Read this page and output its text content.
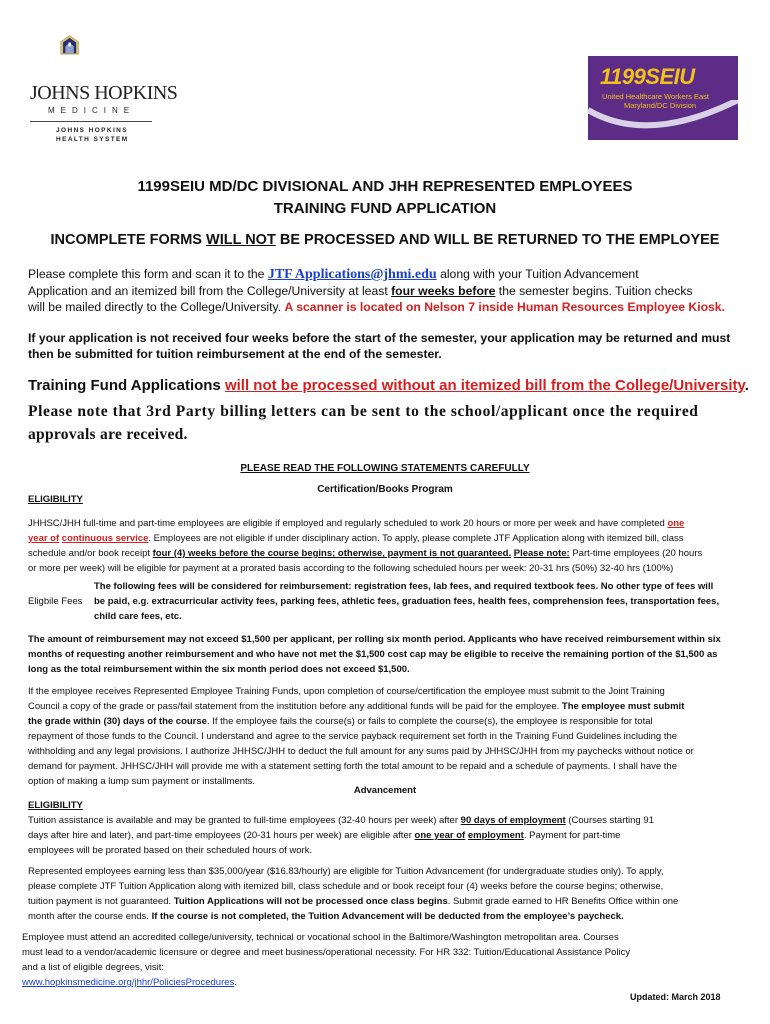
JOHNS HOPKINS
MEDICINE
JOHNS HOPKINS
HEALTH SYSTEM
1199SEIU
United Healthcare Workers East
Maryland/DC Division
1199SEIU MD/DC DIVISIONAL AND JHH REPRESENTED EMPLOYEES
TRAINING FUND APPLICATION
INCOMPLETE FORMS WILL NOT BE PROCESSED AND WILL BE RETURNED TO THE EMPLOYEE
Please complete this form and scan it to the JTF Applications@jhmi.edu along with your Tuition Advancement
Application and an itemized bill from the College/University at least four weeks before the semester begins. Tuition checks
will be mailed directly to the College/University. A scanner is located on Nelson 7 inside Human Resources Employee Kiosk.
If your application is not received four weeks before the start of the semester, your application may be returned and must
then be submitted for tuition reimbursement at the end of the semester.
Training Fund Applications will not be processed without an itemized bill from the College/University.
Please note that 3rd Party billing letters can be sent to the school/applicant once the required
approvals are received.
PLEASE READ THE FOLLOWING STATEMENTS CAREFULLY
Certification/Books Program
ELIGIBILITY
JHHSC/JHH full-time and part-time employees are eligible if employed and regularly scheduled to work 20 hours or more per week and have completed one
year of continuous service. Employees are not eligible if under disciplinary action. To apply, please complete JTF Application along with itemized bill, class
schedule and/or book receipt four (4) weeks before the course begins; otherwise, payment is not guaranteed. Please note: Part-time employees (20 hours
or more per week) will be eligible for payment at a prorated basis according to the following scheduled hours per week: 20-31 hrs (50%) 32-40 hrs (100%)
Eligbile Fees
The following fees will be considered for reimbursement: registration fees, lab fees, and required textbook fees. No other type of fees will
be paid, e.g. extracurricular activity fees, parking fees, athletic fees, graduation fees, health fees, comprehension fees, transportation fees,
child care fees, etc.
The amount of reimbursement may not exceed $1,500 per applicant, per rolling six month period. Applicants who have received reimbursement within six
months of requesting another reimbursement and who have not met the $1,500 cost cap may be eligible to receive the remaining portion of the $1,500 as
long as the total reimbursement within the six month period does not exceed $1,500.
If the employee receives Represented Employee Training Funds, upon completion of course/certification the employee must submit to the Joint Training
Council a copy of the grade or pass/fail statement from the institution before any additional funds will be paid for the employee. The employee must submit
the grade within (30) days of the course. If the employee fails the course(s) or fails to complete the course(s), the employee is responsible for total
repayment of those funds to the Council. I understand and agree to the service payback requirement set forth in the Training Fund Guidelines including the
withholding and any legal provisions. I authorize JHHSC/JHH to deduct the full amount for any sums paid by JHHSC/JHH from my paychecks without notice or
demand for payment. JHHSC/JHH will provide me with a statement setting forth the total amount to be repaid and a schedule of payments. I shall have the
option of making a lump sum payment or installments.
Advancement
ELIGIBILITY
Tuition assistance is available and may be granted to full-time employees (32-40 hours per week) after 90 days of employment (Courses starting 91
days after hire and later), and part-time employees (20-31 hours per week) are eligible after one year of employment. Payment for part-time
employees will be prorated based on their scheduled hours of work.
Represented employees earning less than $35,000/year ($16.83/hourly) are eligible for Tuition Advancement (for undergraduate studies only). To apply,
please complete JTF Tuition Application along with itemized bill, class schedule and or book receipt four (4) weeks before the course begins; otherwise,
tuition payment is not guaranteed. Tuition Applications will not be processed once class begins. Submit grade earned to HR Benefits Office within one
month after the course ends. If the course is not completed, the Tuition Advancement will be deducted from the employee’s paycheck.
Employee must attend an accredited college/university, technical or vocational school in the Baltimore/Washington metropolitan area. Courses
must lead to a vendor/academic licensure or degree and meet business/operational necessity. For HR 332: Tuition/Educational Assistance Policy
and a list of eligible degrees, visit:
www.hopkinsmedicine.org/jhhr/PoliciesProcedures.
Updated: March 2018
